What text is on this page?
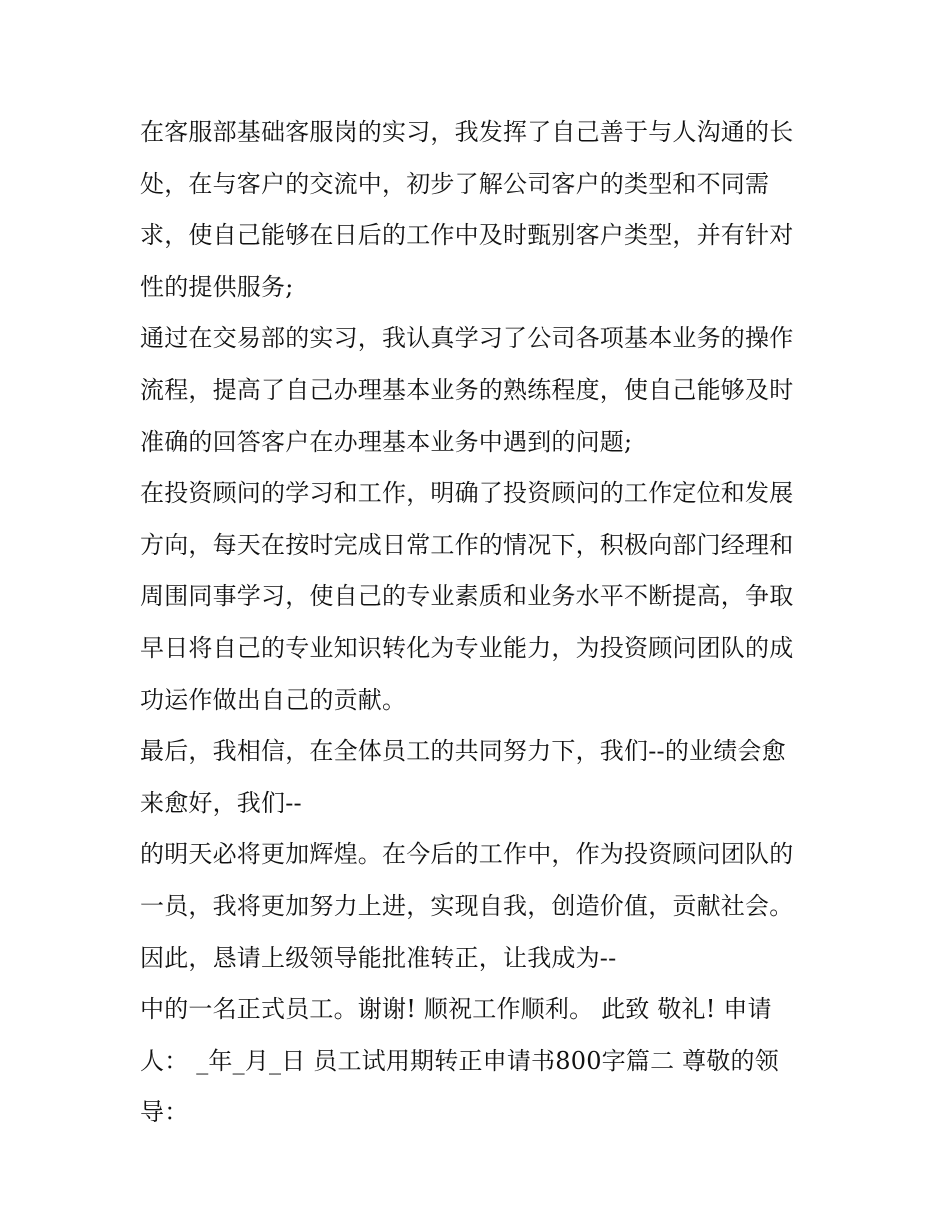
在客服部基础客服岗的实习，我发挥了自己善于与人沟通的长
处，在与客户的交流中，初步了解公司客户的类型和不同需
求，使自己能够在日后的工作中及时甄别客户类型，并有针对
性的提供服务;
通过在交易部的实习，我认真学习了公司各项基本业务的操作
流程，提高了自己办理基本业务的熟练程度，使自己能够及时
准确的回答客户在办理基本业务中遇到的问题;
在投资顾问的学习和工作，明确了投资顾问的工作定位和发展
方向，每天在按时完成日常工作的情况下，积极向部门经理和
周围同事学习，使自己的专业素质和业务水平不断提高，争取
早日将自己的专业知识转化为专业能力，为投资顾问团队的成
功运作做出自己的贡献。
最后，我相信，在全体员工的共同努力下，我们--的业绩会愈
来愈好，我们--
的明天必将更加辉煌。在今后的工作中，作为投资顾问团队的
一员，我将更加努力上进，实现自我，创造价值，贡献社会。
因此，恳请上级领导能批准转正，让我成为--
中的一名正式员工。谢谢! 顺祝工作顺利。 此致 敬礼! 申请
人： _年_月_日 员工试用期转正申请书800字篇二 尊敬的领
导：
